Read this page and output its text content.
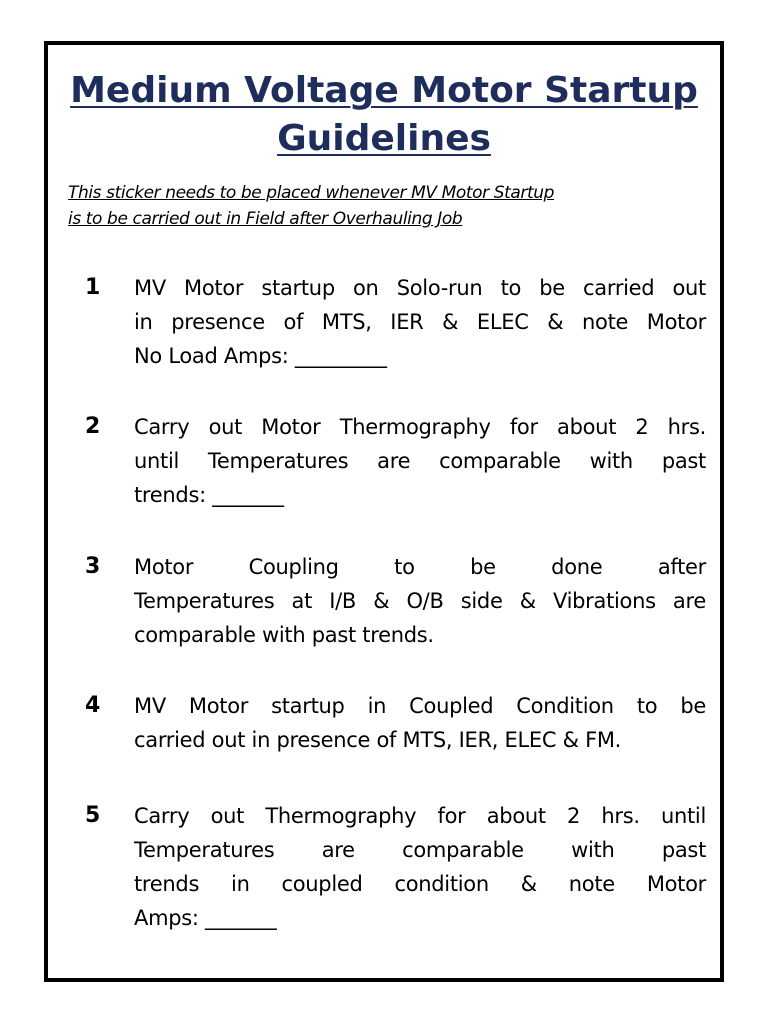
Medium Voltage Motor Startup
Guidelines
This sticker needs to be placed whenever MV Motor Startup
is to be carried out in Field after Overhauling Job
1 MV Motor startup on Solo-run to be carried out
in presence of MTS, IER & ELEC & note Motor
No Load Amps: _________
2 Carry out Motor Thermography for about 2 hrs.
until Temperatures are comparable with past
trends: _______
3 Motor Coupling to be done after
Temperatures at I/B & O/B side & Vibrations are
comparable with past trends.
4 MV Motor startup in Coupled Condition to be
carried out in presence of MTS, IER, ELEC & FM.
5 Carry out Thermography for about 2 hrs. until
Temperatures are comparable with past
trends in coupled condition & note Motor
Amps: _______
